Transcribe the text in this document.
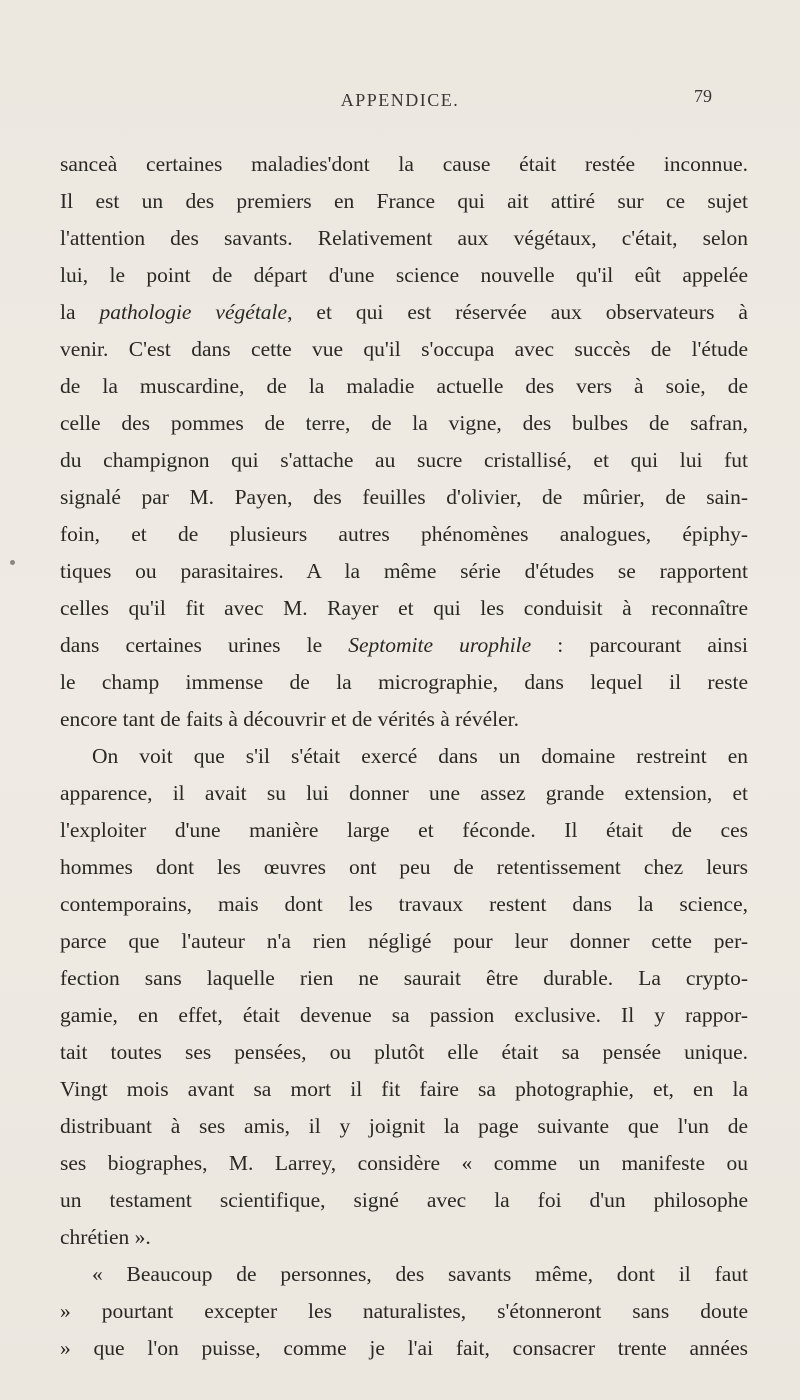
APPENDICE.	79
sanceà certaines maladies'dont la cause était restée inconnue.
Il est un des premiers en France qui ait attiré sur ce sujet
l'attention des savants. Relativement aux végétaux, c'était, selon
lui, le point de départ d'une science nouvelle qu'il eût appelée
la pathologie végétale, et qui est réservée aux observateurs à
venir. C'est dans cette vue qu'il s'occupa avec succès de l'étude
de la muscardine, de la maladie actuelle des vers à soie, de
celle des pommes de terre, de la vigne, des bulbes de safran,
du champignon qui s'attache au sucre cristallisé, et qui lui fut
signalé par M. Payen, des feuilles d'olivier, de mûrier, de sain-
foin, et de plusieurs autres phénomènes analogues, épiphy-
tiques ou parasitaires. A la même série d'études se rapportent
celles qu'il fit avec M. Rayer et qui les conduisit à reconnaître
dans certaines urines le Septomite urophile : parcourant ainsi
le champ immense de la micrographie, dans lequel il reste
encore tant de faits à découvrir et de vérités à révéler.
On voit que s'il s'était exercé dans un domaine restreint en
apparence, il avait su lui donner une assez grande extension, et
l'exploiter d'une manière large et féconde. Il était de ces
hommes dont les œuvres ont peu de retentissement chez leurs
contemporains, mais dont les travaux restent dans la science,
parce que l'auteur n'a rien négligé pour leur donner cette per-
fection sans laquelle rien ne saurait être durable. La crypto-
gamie, en effet, était devenue sa passion exclusive. Il y rappor-
tait toutes ses pensées, ou plutôt elle était sa pensée unique.
Vingt mois avant sa mort il fit faire sa photographie, et, en la
distribuant à ses amis, il y joignit la page suivante que l'un de
ses biographes, M. Larrey, considère « comme un manifeste ou
un testament scientifique, signé avec la foi d'un philosophe
chrétien ».
« Beaucoup de personnes, des savants même, dont il faut
» pourtant excepter les naturalistes, s'étonneront sans doute
» que l'on puisse, comme je l'ai fait, consacrer trente années
